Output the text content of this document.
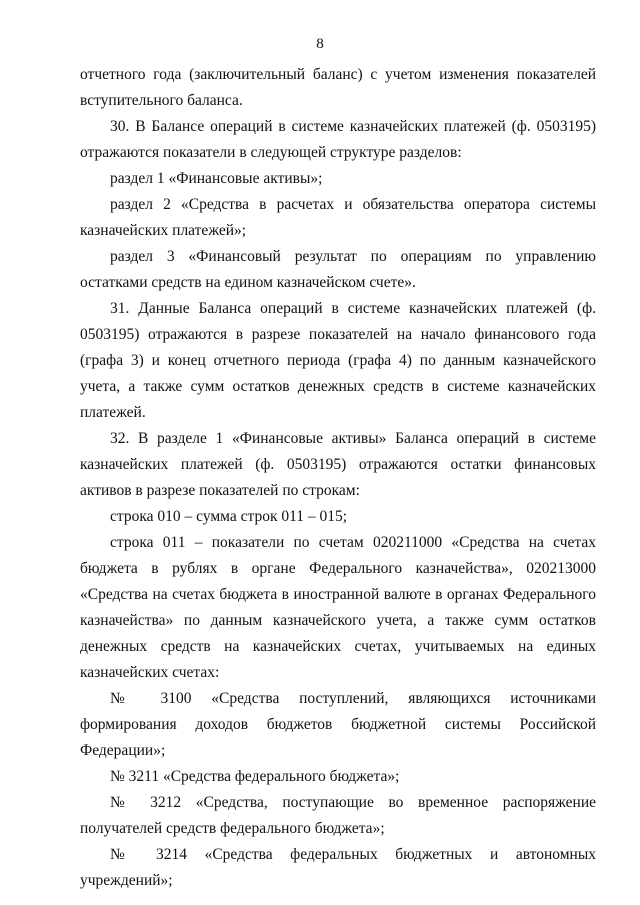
8

отчетного года (заключительный баланс) с учетом изменения показателей вступительного баланса.

30. В Балансе операций в системе казначейских платежей (ф. 0503195) отражаются показатели в следующей структуре разделов:

раздел 1 «Финансовые активы»;

раздел 2 «Средства в расчетах и обязательства оператора системы казначейских платежей»;

раздел 3 «Финансовый результат по операциям по управлению остатками средств на едином казначейском счете».

31. Данные Баланса операций в системе казначейских платежей (ф. 0503195) отражаются в разрезе показателей на начало финансового года (графа 3) и конец отчетного периода (графа 4) по данным казначейского учета, а также сумм остатков денежных средств в системе казначейских платежей.

32. В разделе 1 «Финансовые активы» Баланса операций в системе казначейских платежей (ф. 0503195) отражаются остатки финансовых активов в разрезе показателей по строкам:

строка 010 – сумма строк 011 – 015;

строка 011 – показатели по счетам 020211000 «Средства на счетах бюджета в рублях в органе Федерального казначейства», 020213000 «Средства на счетах бюджета в иностранной валюте в органах Федерального казначейства» по данным казначейского учета, а также сумм остатков денежных средств на казначейских счетах, учитываемых на единых казначейских счетах:

№ 3100 «Средства поступлений, являющихся источниками формирования доходов бюджетов бюджетной системы Российской Федерации»;

№ 3211 «Средства федерального бюджета»;

№ 3212 «Средства, поступающие во временное распоряжение получателей средств федерального бюджета»;

№ 3214 «Средства федеральных бюджетных и автономных учреждений»;
